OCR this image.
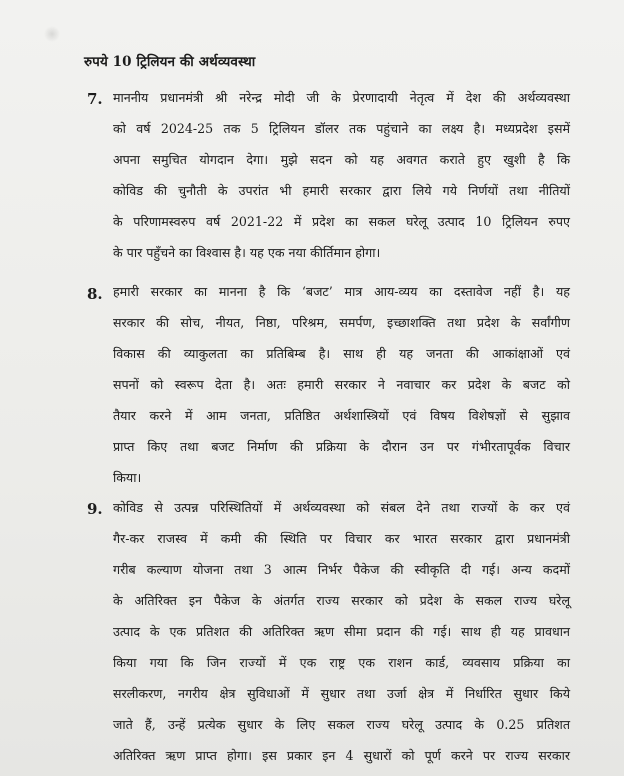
रुपये 10 ट्रिलियन की अर्थव्यवस्था
7. माननीय प्रधानमंत्री श्री नरेन्द्र मोदी जी के प्रेरणादायी नेतृत्व में देश की अर्थव्यवस्था
को वर्ष 2024-25 तक 5 ट्रिलियन डॉलर तक पहुंचाने का लक्ष्य है। मध्यप्रदेश इसमें
अपना समुचित योगदान देगा। मुझे सदन को यह अवगत कराते हुए खुशी है कि
कोविड की चुनौती के उपरांत भी हमारी सरकार द्वारा लिये गये निर्णयों तथा नीतियों
के परिणामस्वरुप वर्ष 2021-22 में प्रदेश का सकल घरेलू उत्पाद 10 ट्रिलियन रुपए
के पार पहुँचने का विश्वास है। यह एक नया कीर्तिमान होगा।
8. हमारी सरकार का मानना है कि ‘बजट’ मात्र आय-व्यय का दस्तावेज नहीं है। यह
सरकार की सोच, नीयत, निष्ठा, परिश्रम, समर्पण, इच्छाशक्ति तथा प्रदेश के सर्वांगीण
विकास की व्याकुलता का प्रतिबिम्ब है। साथ ही यह जनता की आकांक्षाओं एवं
सपनों को स्वरूप देता है। अतः हमारी सरकार ने नवाचार कर प्रदेश के बजट को
तैयार करने में आम जनता, प्रतिष्ठित अर्थशास्त्रियों एवं विषय विशेषज्ञों से सुझाव
प्राप्त किए तथा बजट निर्माण की प्रक्रिया के दौरान उन पर गंभीरतापूर्वक विचार
किया।
9. कोविड से उत्पन्न परिस्थितियों में अर्थव्यवस्था को संबल देने तथा राज्यों के कर एवं
गैर-कर राजस्व में कमी की स्थिति पर विचार कर भारत सरकार द्वारा प्रधानमंत्री
गरीब कल्याण योजना तथा 3 आत्म निर्भर पैकेज की स्वीकृति दी गई। अन्य कदमों
के अतिरिक्त इन पैकेज के अंतर्गत राज्य सरकार को प्रदेश के सकल राज्य घरेलू
उत्पाद के एक प्रतिशत की अतिरिक्त ऋण सीमा प्रदान की गई। साथ ही यह प्रावधान
किया गया कि जिन राज्यों में एक राष्ट्र एक राशन कार्ड, व्यवसाय प्रक्रिया का
सरलीकरण, नगरीय क्षेत्र सुविधाओं में सुधार तथा उर्जा क्षेत्र में निर्धारित सुधार किये
जाते हैं, उन्हें प्रत्येक सुधार के लिए सकल राज्य घरेलू उत्पाद के 0.25 प्रतिशत
अतिरिक्त ऋण प्राप्त होगा। इस प्रकार इन 4 सुधारों को पूर्ण करने पर राज्य सरकार
